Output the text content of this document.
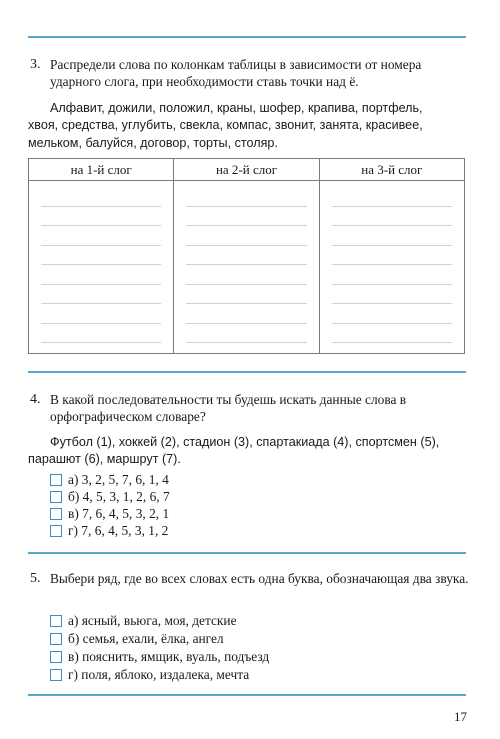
3. Распредели слова по колонкам таблицы в зависимости от номера ударного слога, при необходимости ставь точки над ё.
Алфавит, дожили, положил, краны, шофер, крапива, портфель,
хвоя, средства, углубить, свекла, компас, звонит, занята, красивее, мельком, балуйся, договор, торты, столяр.
на 1-й слог	на 2-й слог	на 3-й слог

4. В какой последовательности ты будешь искать данные слова в орфографическом словаре?
Футбол (1), хоккей (2), стадион (3), спартакиада (4), спортсмен (5),
парашют (6), маршрут (7).
а) 3, 2, 5, 7, 6, 1, 4
б) 4, 5, 3, 1, 2, 6, 7
в) 7, 6, 4, 5, 3, 2, 1
г) 7, 6, 4, 5, 3, 1, 2
5. Выбери ряд, где во всех словах есть одна буква, обозначающая два звука.
а) ясный, вьюга, моя, детские
б) семья, ехали, ёлка, ангел
в) пояснить, ямщик, вуаль, подъезд
г) поля, яблоко, издалека, мечта
17
